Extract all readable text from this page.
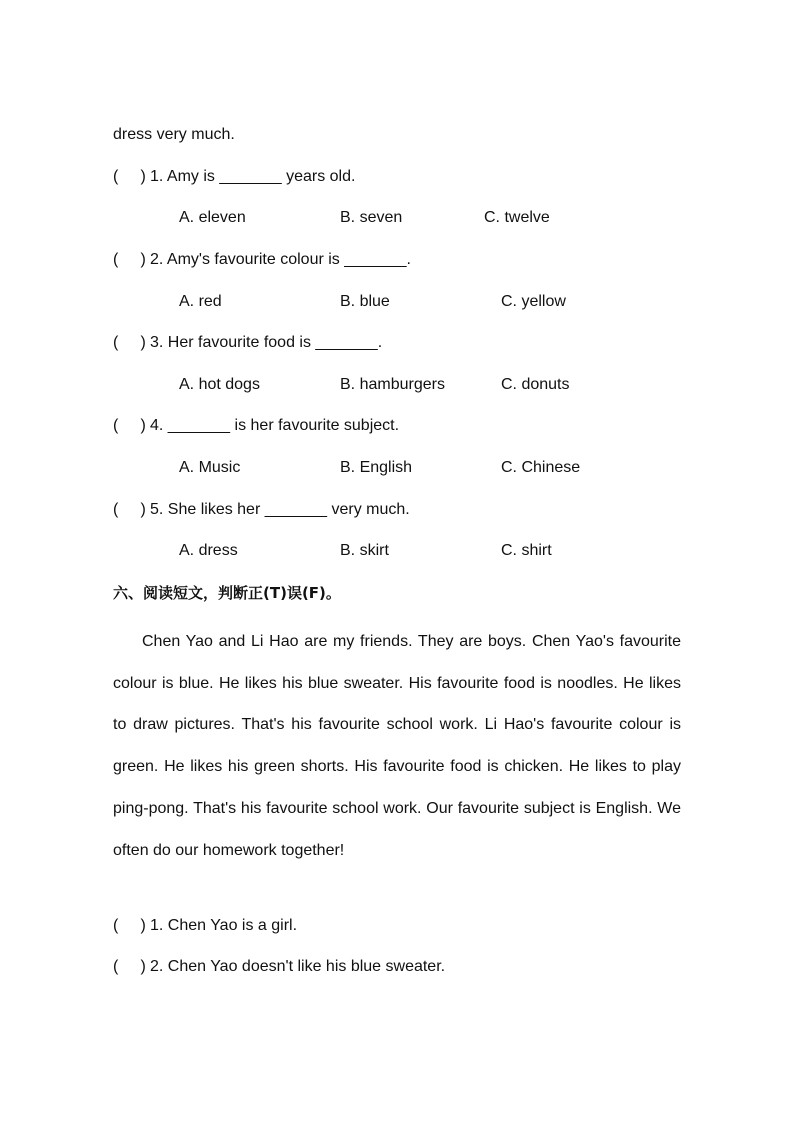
dress very much.
(     ) 1. Amy is _______ years old.
A. eleven	B. seven	C. twelve
(     ) 2. Amy's favourite colour is _______.
A. red	B. blue	C. yellow
(     ) 3. Her favourite food is _______.
A. hot dogs	B. hamburgers	C. donuts
(     ) 4. _______ is her favourite subject.
A. Music	B. English	C. Chinese
(     ) 5. She likes her _______ very much.
A. dress	B. skirt	C. shirt
六、阅读短文，判断正(T)误(F)。

Chen Yao and Li Hao are my friends. They are boys. Chen Yao's favourite colour is blue. He likes his blue sweater. His favourite food is noodles. He likes to draw pictures. That's his favourite school work. Li Hao's favourite colour is green. He likes his green shorts. His favourite food is chicken. He likes to play ping-pong. That's his favourite school work. Our favourite subject is English. We often do our homework together!

(     ) 1. Chen Yao is a girl.
(     ) 2. Chen Yao doesn't like his blue sweater.
